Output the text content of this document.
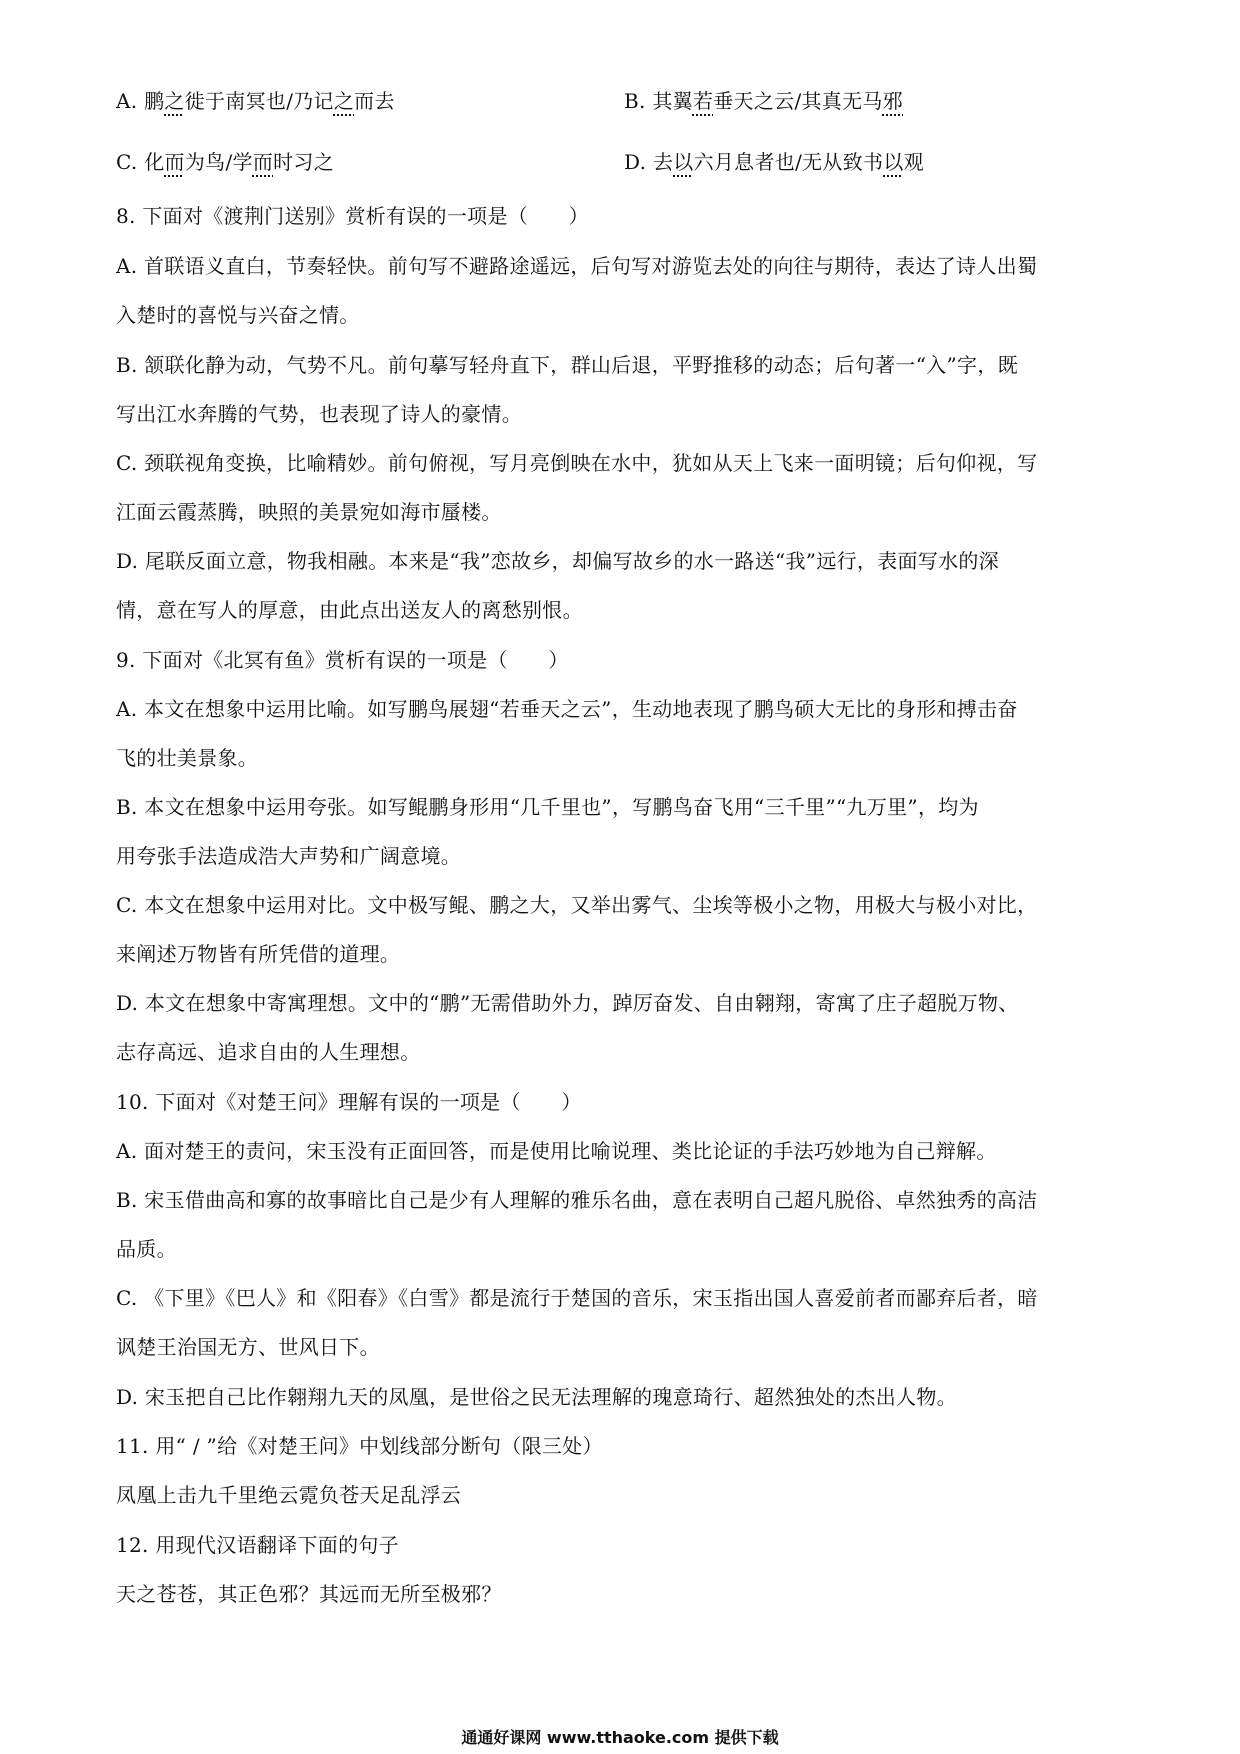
A. 鹏之徙于南冥也/乃记之而去	B. 其翼若垂天之云/其真无马邪
C. 化而为鸟/学而时习之	D. 去以六月息者也/无从致书以观
8. 下面对《渡荆门送别》赏析有误的一项是（　　）
A. 首联语义直白，节奏轻快。前句写不避路途遥远，后句写对游览去处的向往与期待，表达了诗人出蜀
入楚时的喜悦与兴奋之情。
B. 颔联化静为动，气势不凡。前句摹写轻舟直下，群山后退，平野推移的动态；后句著一“入”字，既
写出江水奔腾的气势，也表现了诗人的豪情。
C. 颈联视角变换，比喻精妙。前句俯视，写月亮倒映在水中，犹如从天上飞来一面明镜；后句仰视，写
江面云霞蒸腾，映照的美景宛如海市蜃楼。
D. 尾联反面立意，物我相融。本来是“我”恋故乡，却偏写故乡的水一路送“我”远行，表面写水的深
情，意在写人的厚意，由此点出送友人的离愁别恨。
9. 下面对《北冥有鱼》赏析有误的一项是（　　）
A. 本文在想象中运用比喻。如写鹏鸟展翅“若垂天之云”，生动地表现了鹏鸟硕大无比的身形和搏击奋
飞的壮美景象。
B. 本文在想象中运用夸张。如写鲲鹏身形用“几千里也”，写鹏鸟奋飞用“三千里”“九万里”，均为
用夸张手法造成浩大声势和广阔意境。
C. 本文在想象中运用对比。文中极写鲲、鹏之大，又举出雾气、尘埃等极小之物，用极大与极小对比，
来阐述万物皆有所凭借的道理。
D. 本文在想象中寄寓理想。文中的“鹏”无需借助外力，踔厉奋发、自由翱翔，寄寓了庄子超脱万物、
志存高远、追求自由的人生理想。
10. 下面对《对楚王问》理解有误的一项是（　　）
A. 面对楚王的责问，宋玉没有正面回答，而是使用比喻说理、类比论证的手法巧妙地为自己辩解。
B. 宋玉借曲高和寡的故事暗比自己是少有人理解的雅乐名曲，意在表明自己超凡脱俗、卓然独秀的高洁
品质。
C. 《下里》《巴人》和《阳春》《白雪》都是流行于楚国的音乐，宋玉指出国人喜爱前者而鄙弃后者，暗
讽楚王治国无方、世风日下。
D. 宋玉把自己比作翱翔九天的凤凰，是世俗之民无法理解的瑰意琦行、超然独处的杰出人物。
11. 用“ / ”给《对楚王问》中划线部分断句（限三处）
凤凰上击九千里绝云霓负苍天足乱浮云
12. 用现代汉语翻译下面的句子
天之苍苍，其正色邪？其远而无所至极邪？
通通好课网 www.tthaoke.com 提供下载
